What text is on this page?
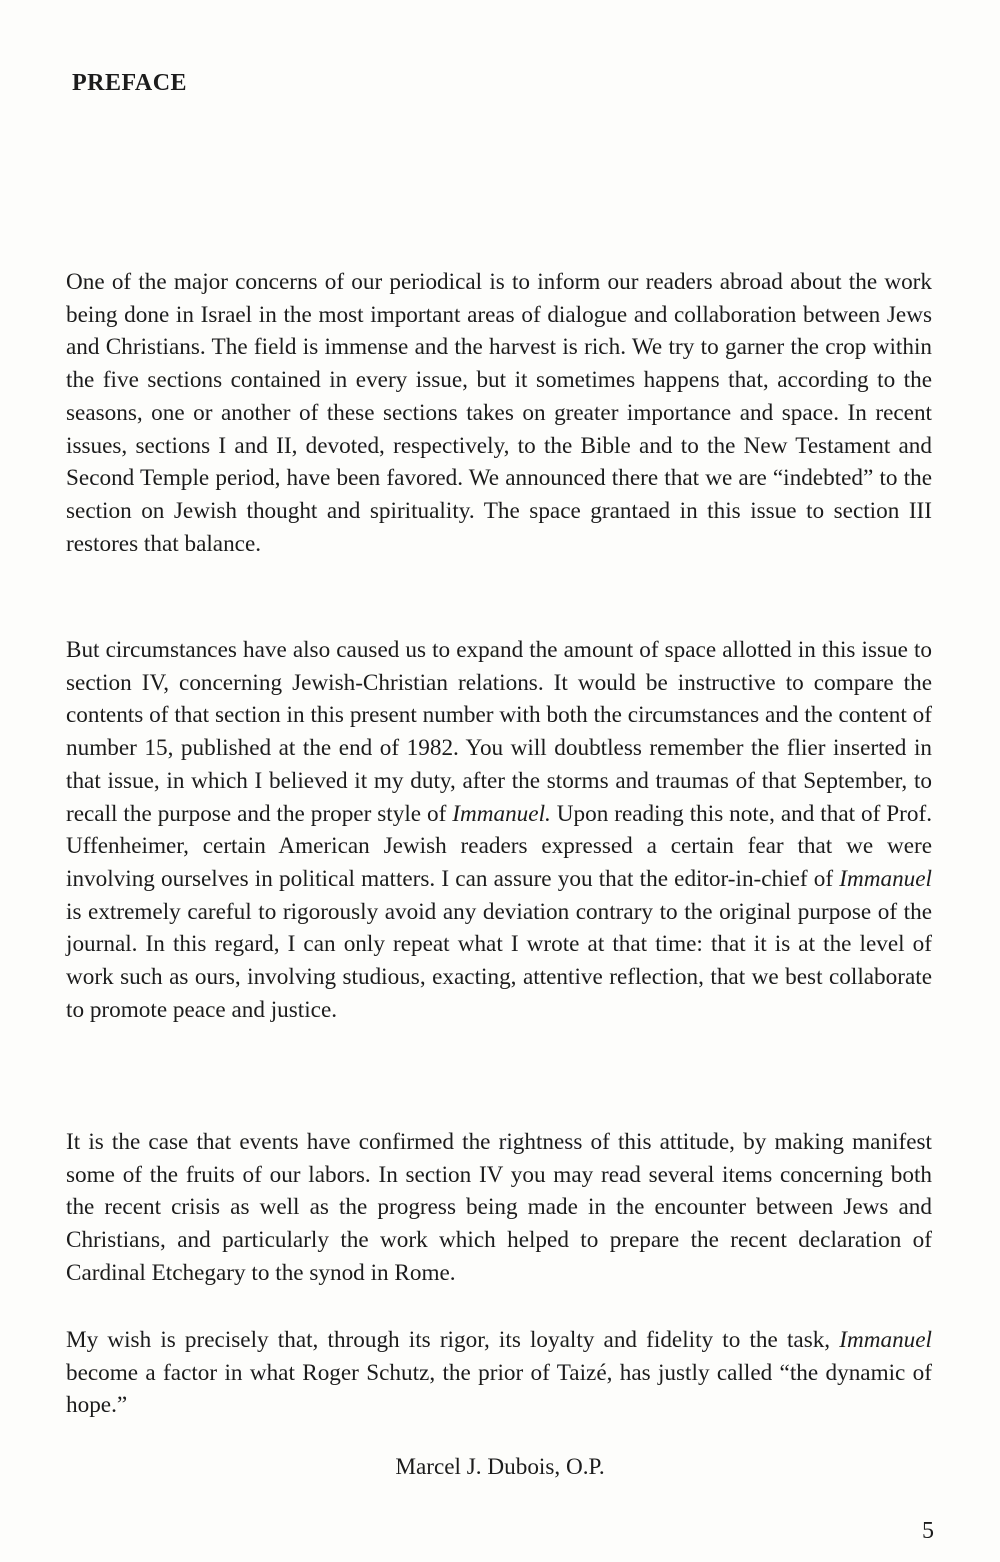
PREFACE

One of the major concerns of our periodical is to inform our readers abroad about the work being done in Israel in the most important areas of dialogue and collaboration between Jews and Christians. The field is immense and the harvest is rich. We try to garner the crop within the five sections contained in every issue, but it sometimes happens that, according to the seasons, one or another of these sections takes on greater importance and space. In recent issues, sections I and II, devoted, respectively, to the Bible and to the New Testament and Second Temple period, have been favored. We announced there that we are “indebted” to the section on Jewish thought and spirituality. The space grantaed in this issue to section III restores that balance.

But circumstances have also caused us to expand the amount of space allotted in this issue to section IV, concerning Jewish-Christian relations. It would be instructive to compare the contents of that section in this present number with both the circumstances and the content of number 15, published at the end of 1982. You will doubtless remember the flier inserted in that issue, in which I believed it my duty, after the storms and traumas of that September, to recall the purpose and the proper style of Immanuel. Upon reading this note, and that of Prof. Uffenheimer, certain American Jewish readers expressed a certain fear that we were involving ourselves in political matters. I can assure you that the editor-in-chief of Immanuel is extremely careful to rigorously avoid any deviation contrary to the original purpose of the journal. In this regard, I can only repeat what I wrote at that time: that it is at the level of work such as ours, involving studious, exacting, attentive reflection, that we best collaborate to promote peace and justice.

It is the case that events have confirmed the rightness of this attitude, by making manifest some of the fruits of our labors. In section IV you may read several items concerning both the recent crisis as well as the progress being made in the encounter between Jews and Christians, and particularly the work which helped to prepare the recent declaration of Cardinal Etchegary to the synod in Rome.

My wish is precisely that, through its rigor, its loyalty and fidelity to the task, Immanuel become a factor in what Roger Schutz, the prior of Taizé, has justly called “the dynamic of hope.”

Marcel J. Dubois, O.P.
5
